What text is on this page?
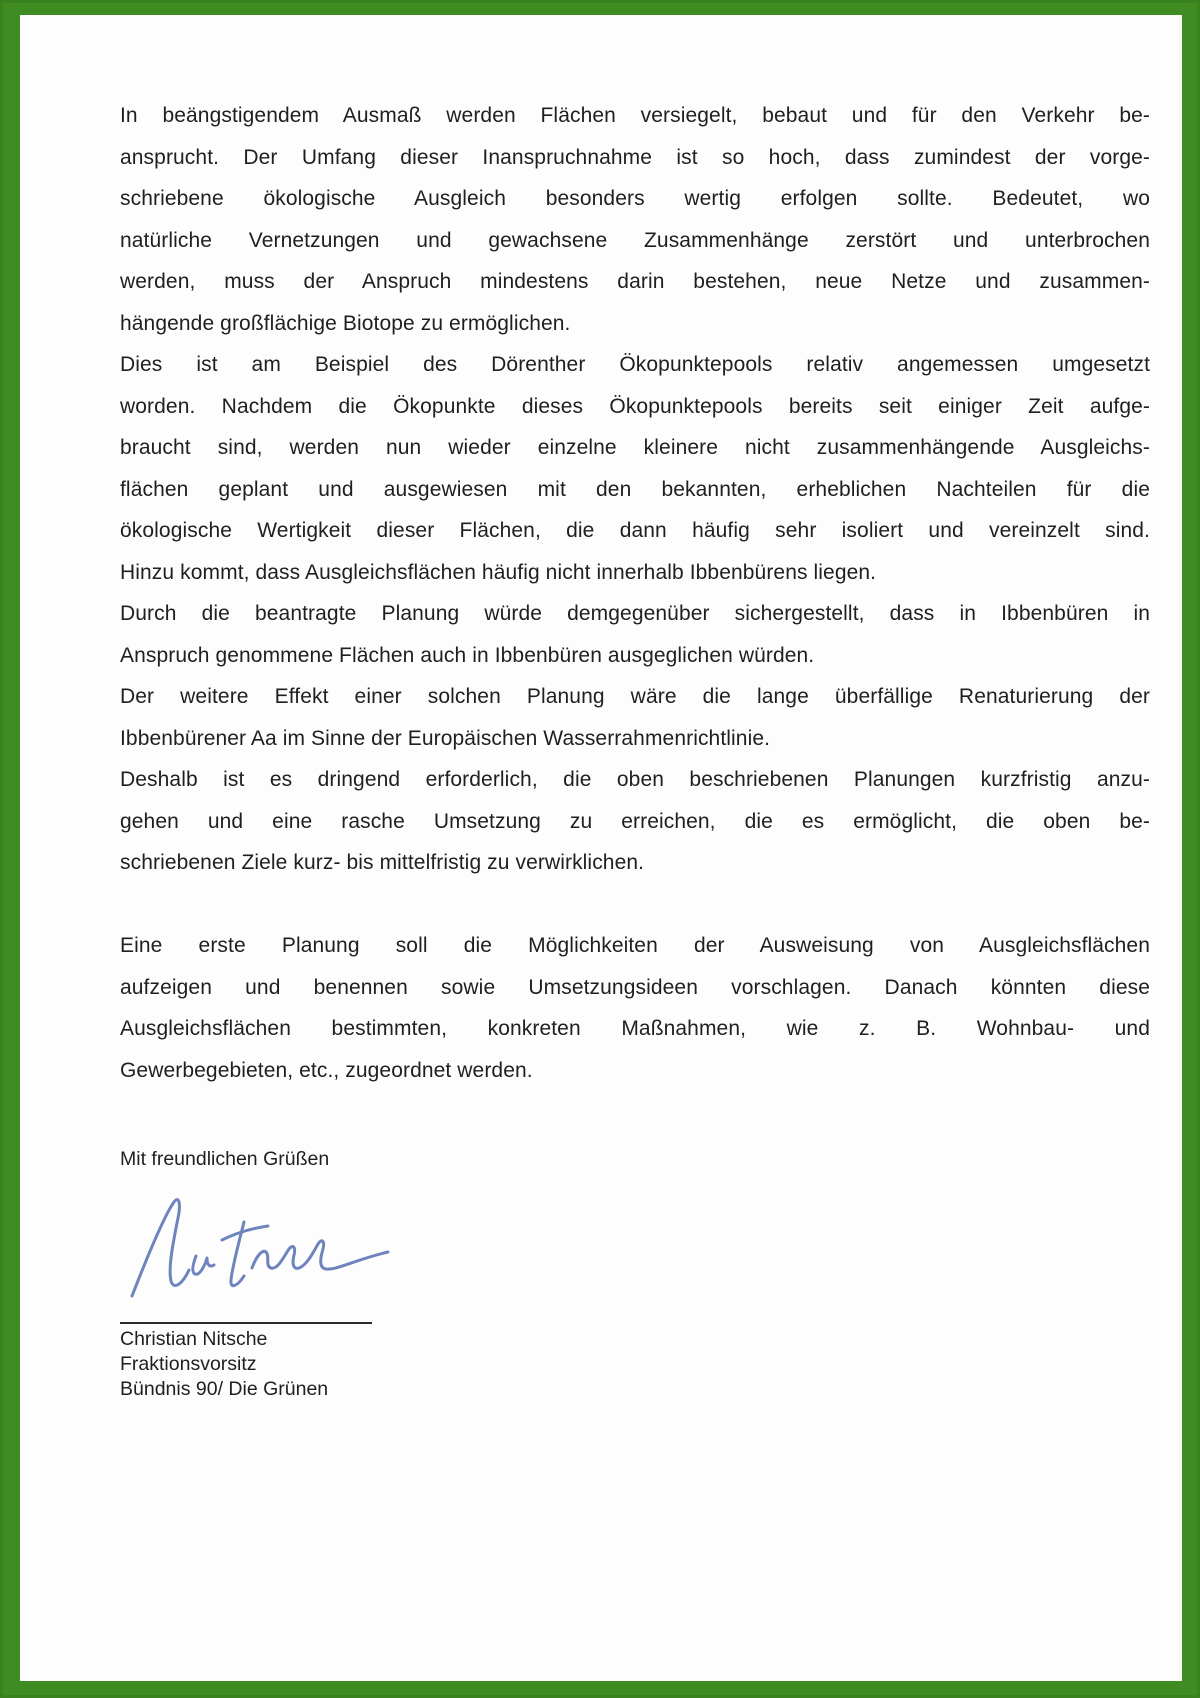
In beängstigendem Ausmaß werden Flächen versiegelt, bebaut und für den Verkehr be-
ansprucht. Der Umfang dieser Inanspruchnahme ist so hoch, dass zumindest der vorge-
schriebene ökologische Ausgleich besonders wertig erfolgen sollte. Bedeutet, wo
natürliche Vernetzungen und gewachsene Zusammenhänge zerstört und unterbrochen
werden, muss der Anspruch mindestens darin bestehen, neue Netze und zusammen-
hängende großflächige Biotope zu ermöglichen.
Dies ist am Beispiel des Dörenther Ökopunktepools relativ angemessen umgesetzt
worden. Nachdem die Ökopunkte dieses Ökopunktepools bereits seit einiger Zeit aufge-
braucht sind, werden nun wieder einzelne kleinere nicht zusammenhängende Ausgleichs-
flächen geplant und ausgewiesen mit den bekannten, erheblichen Nachteilen für die
ökologische Wertigkeit dieser Flächen, die dann häufig sehr isoliert und vereinzelt sind.
Hinzu kommt, dass Ausgleichsflächen häufig nicht innerhalb Ibbenbürens liegen.
Durch die beantragte Planung würde demgegenüber sichergestellt, dass in Ibbenbüren in
Anspruch genommene Flächen auch in Ibbenbüren ausgeglichen würden.
Der weitere Effekt einer solchen Planung wäre die lange überfällige Renaturierung der
Ibbenbürener Aa im Sinne der Europäischen Wasserrahmenrichtlinie.
Deshalb ist es dringend erforderlich, die oben beschriebenen Planungen kurzfristig anzu-
gehen und eine rasche Umsetzung zu erreichen, die es ermöglicht, die oben be-
schriebenen Ziele kurz- bis mittelfristig zu verwirklichen.
Eine erste Planung soll die Möglichkeiten der Ausweisung von Ausgleichsflächen
aufzeigen und benennen sowie Umsetzungsideen vorschlagen. Danach könnten diese
Ausgleichsflächen bestimmten, konkreten Maßnahmen, wie z. B. Wohnbau- und
Gewerbegebieten, etc., zugeordnet werden.
Mit freundlichen Grüßen
Christian Nitsche
Fraktionsvorsitz
Bündnis 90/ Die Grünen
